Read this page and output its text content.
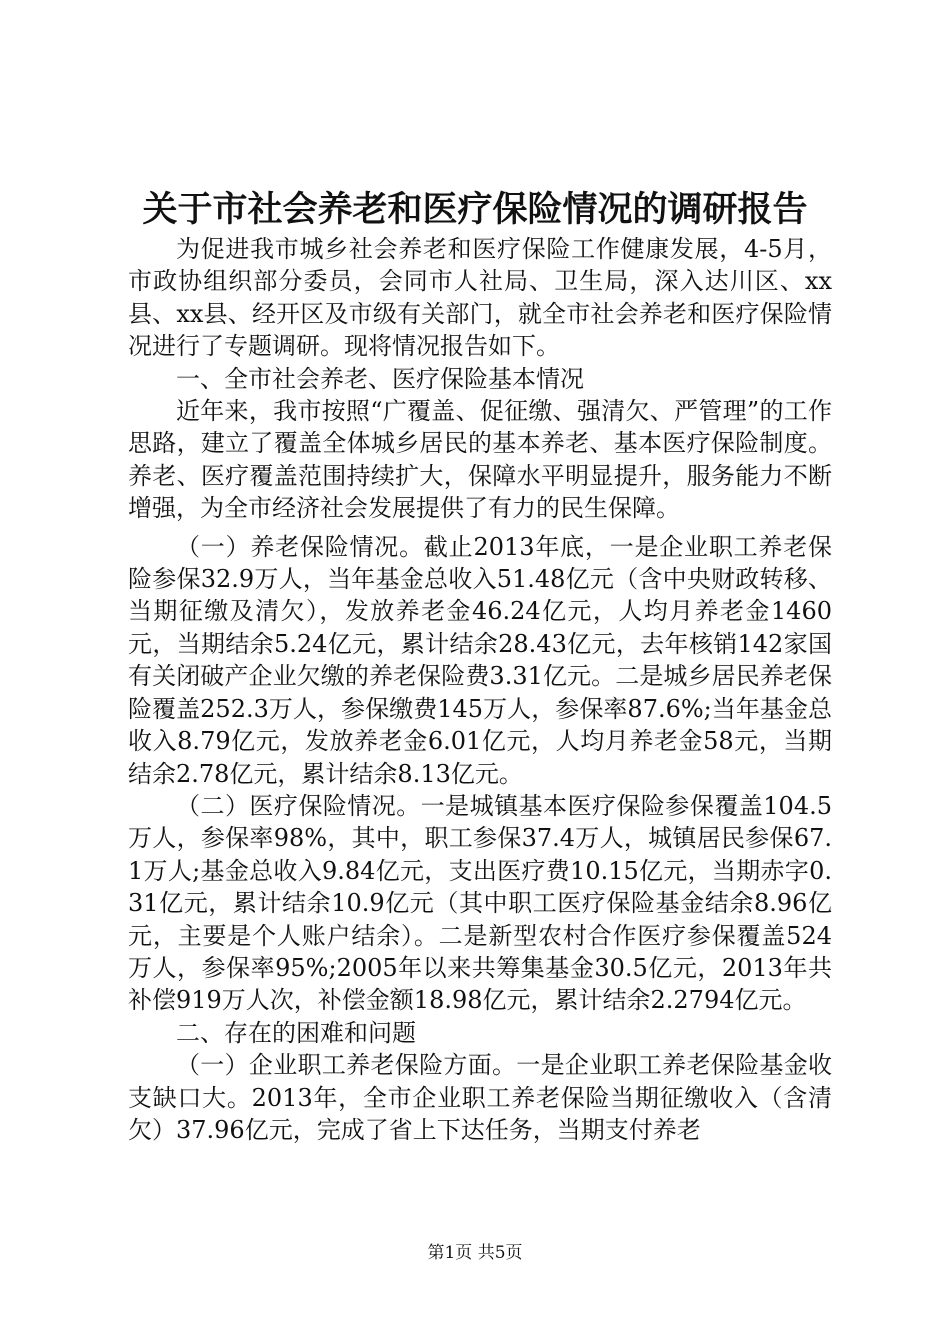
关于市社会养老和医疗保险情况的调研报告

为促进我市城乡社会养老和医疗保险工作健康发展，4-5月，市政协组织部分委员，会同市人社局、卫生局，深入达川区、xx县、xx县、经开区及市级有关部门，就全市社会养老和医疗保险情况进行了专题调研。现将情况报告如下。

一、全市社会养老、医疗保险基本情况

近年来，我市按照“广覆盖、促征缴、强清欠、严管理”的工作思路，建立了覆盖全体城乡居民的基本养老、基本医疗保险制度。养老、医疗覆盖范围持续扩大，保障水平明显提升，服务能力不断增强，为全市经济社会发展提供了有力的民生保障。

（一）养老保险情况。截止2013年底，一是企业职工养老保险参保32.9万人，当年基金总收入51.48亿元（含中央财政转移、当期征缴及清欠），发放养老金46.24亿元，人均月养老金1460元，当期结余5.24亿元，累计结余28.43亿元，去年核销142家国有关闭破产企业欠缴的养老保险费3.31亿元。二是城乡居民养老保险覆盖252.3万人，参保缴费145万人，参保率87.6%;当年基金总收入8.79亿元，发放养老金6.01亿元，人均月养老金58元，当期结余2.78亿元，累计结余8.13亿元。

（二）医疗保险情况。一是城镇基本医疗保险参保覆盖104.5万人，参保率98%，其中，职工参保37.4万人，城镇居民参保67.1万人;基金总收入9.84亿元，支出医疗费10.15亿元，当期赤字0.31亿元，累计结余10.9亿元（其中职工医疗保险基金结余8.96亿元，主要是个人账户结余）。二是新型农村合作医疗参保覆盖524万人，参保率95%;2005年以来共筹集基金30.5亿元，2013年共补偿919万人次，补偿金额18.98亿元，累计结余2.2794亿元。

二、存在的困难和问题

（一）企业职工养老保险方面。一是企业职工养老保险基金收支缺口大。2013年，全市企业职工养老保险当期征缴收入（含清欠）37.96亿元，完成了省上下达任务，当期支付养老

第1页 共5页
